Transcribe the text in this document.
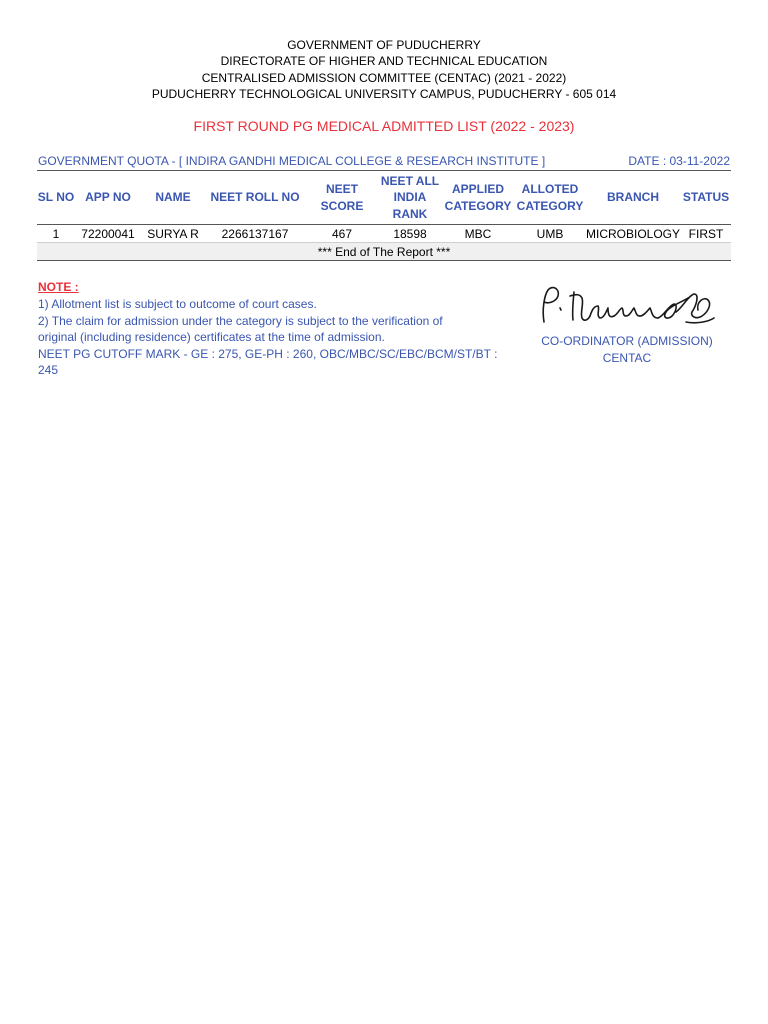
GOVERNMENT OF PUDUCHERRY
DIRECTORATE OF HIGHER AND TECHNICAL EDUCATION
CENTRALISED ADMISSION COMMITTEE (CENTAC) (2021 - 2022)
PUDUCHERRY TECHNOLOGICAL UNIVERSITY CAMPUS, PUDUCHERRY - 605 014
FIRST ROUND PG MEDICAL ADMITTED LIST (2022 - 2023)
GOVERNMENT QUOTA - [ INDIRA GANDHI MEDICAL COLLEGE & RESEARCH INSTITUTE ]	DATE : 03-11-2022
SL NO	APP NO	NAME	NEET ROLL NO	NEET SCORE	NEET ALL INDIA RANK	APPLIED CATEGORY	ALLOTED CATEGORY	BRANCH	STATUS
1	72200041	SURYA R	2266137167	467	18598	MBC	UMB	MICROBIOLOGY	FIRST
*** End of The Report ***									
NOTE :
1) Allotment list is subject to outcome of court cases.
2) The claim for admission under the category is subject to the verification of
original (including residence) certificates at the time of admission.
NEET PG CUTOFF MARK - GE : 275, GE-PH : 260, OBC/MBC/SC/EBC/BCM/ST/BT :
245
CO-ORDINATOR (ADMISSION)
CENTAC
